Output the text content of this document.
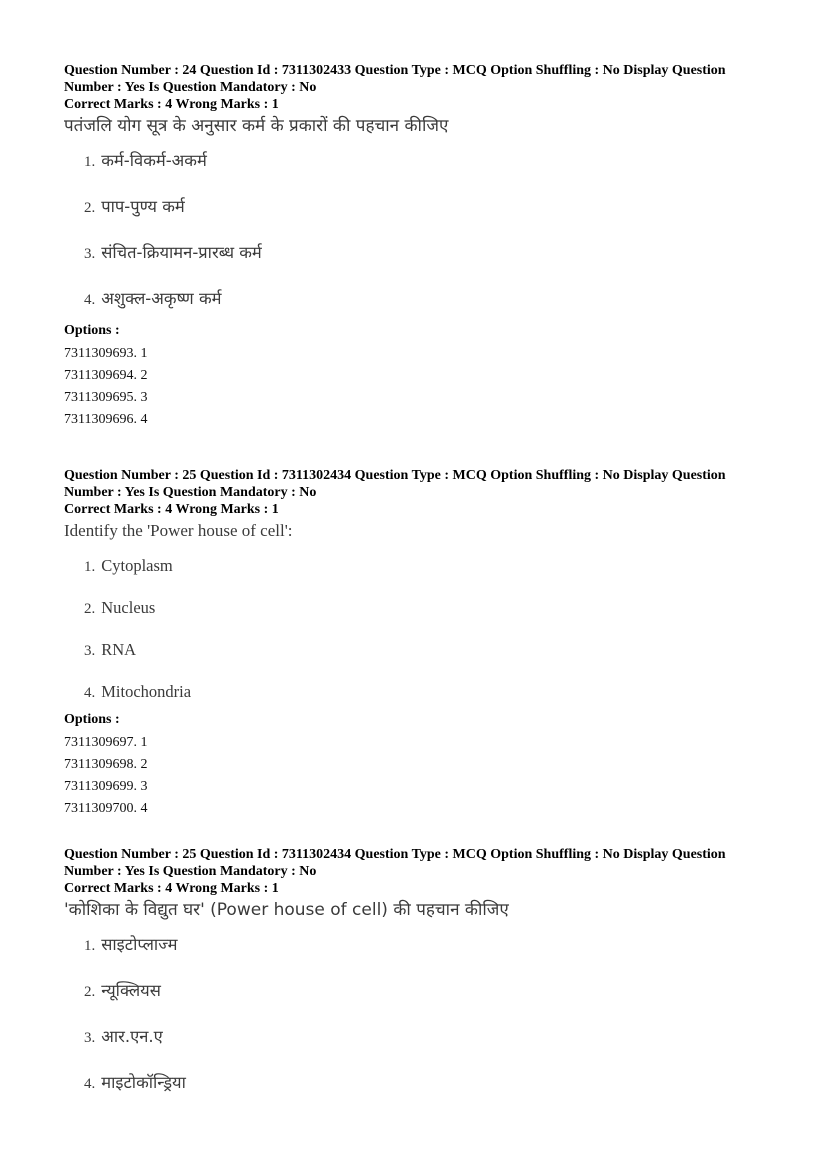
Question Number : 24 Question Id : 7311302433 Question Type : MCQ Option Shuffling : No Display Question
Number : Yes Is Question Mandatory : No
Correct Marks : 4 Wrong Marks : 1
पतंजलि योग सूत्र के अनुसार कर्म के प्रकारों की पहचान कीजिए
1. कर्म-विकर्म-अकर्म
2. पाप-पुण्य कर्म
3. संचित-क्रियामन-प्रारब्ध कर्म
4. अशुक्ल-अकृष्ण कर्म
Options :
7311309693. 1
7311309694. 2
7311309695. 3
7311309696. 4
Question Number : 25 Question Id : 7311302434 Question Type : MCQ Option Shuffling : No Display Question
Number : Yes Is Question Mandatory : No
Correct Marks : 4 Wrong Marks : 1
Identify the 'Power house of cell':
1. Cytoplasm
2. Nucleus
3. RNA
4. Mitochondria
Options :
7311309697. 1
7311309698. 2
7311309699. 3
7311309700. 4
Question Number : 25 Question Id : 7311302434 Question Type : MCQ Option Shuffling : No Display Question
Number : Yes Is Question Mandatory : No
Correct Marks : 4 Wrong Marks : 1
'कोशिका के विद्युत घर' (Power house of cell) की पहचान कीजिए
1. साइटोप्लाज्म
2. न्यूक्लियस
3. आर.एन.ए
4. माइटोकॉन्ड्रिया
